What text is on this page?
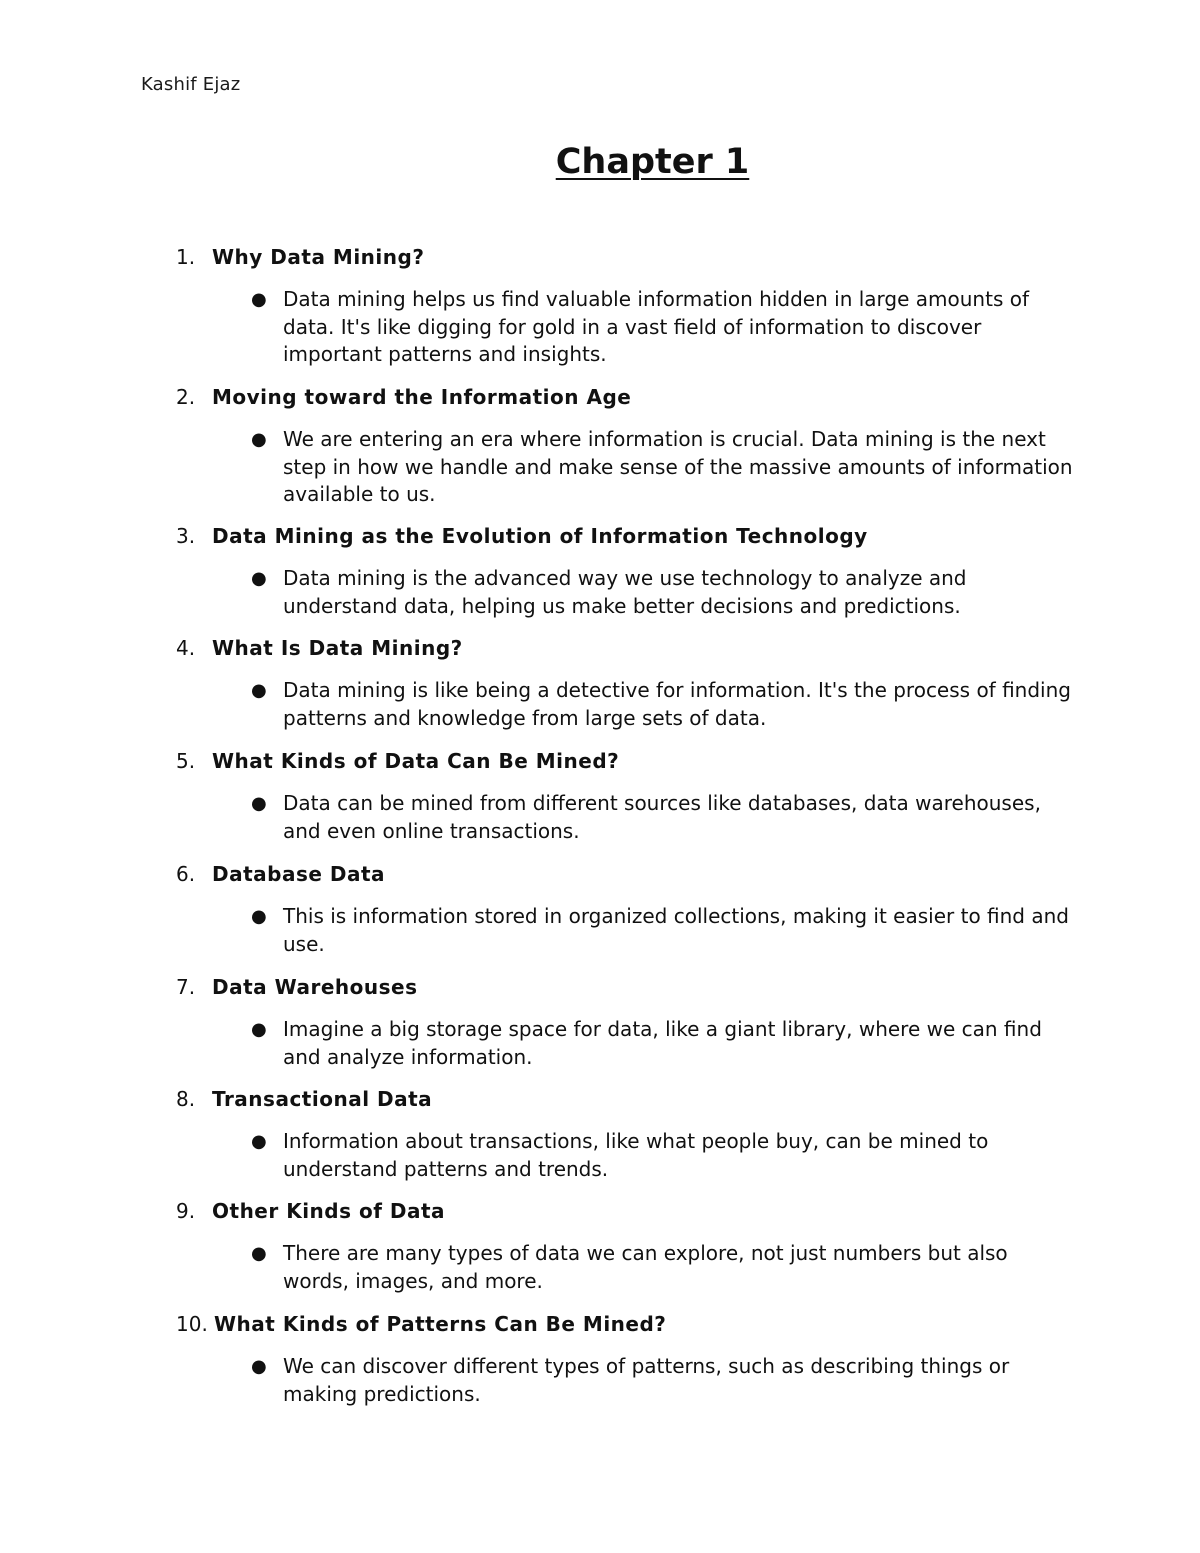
Kashif Ejaz
Chapter 1
1. Why Data Mining?
● Data mining helps us find valuable information hidden in large amounts of data. It's like digging for gold in a vast field of information to discover important patterns and insights.
2. Moving toward the Information Age
● We are entering an era where information is crucial. Data mining is the next step in how we handle and make sense of the massive amounts of information available to us.
3. Data Mining as the Evolution of Information Technology
● Data mining is the advanced way we use technology to analyze and understand data, helping us make better decisions and predictions.
4. What Is Data Mining?
● Data mining is like being a detective for information. It's the process of finding patterns and knowledge from large sets of data.
5. What Kinds of Data Can Be Mined?
● Data can be mined from different sources like databases, data warehouses, and even online transactions.
6. Database Data
● This is information stored in organized collections, making it easier to find and use.
7. Data Warehouses
● Imagine a big storage space for data, like a giant library, where we can find and analyze information.
8. Transactional Data
● Information about transactions, like what people buy, can be mined to understand patterns and trends.
9. Other Kinds of Data
● There are many types of data we can explore, not just numbers but also words, images, and more.
10. What Kinds of Patterns Can Be Mined?
● We can discover different types of patterns, such as describing things or making predictions.
